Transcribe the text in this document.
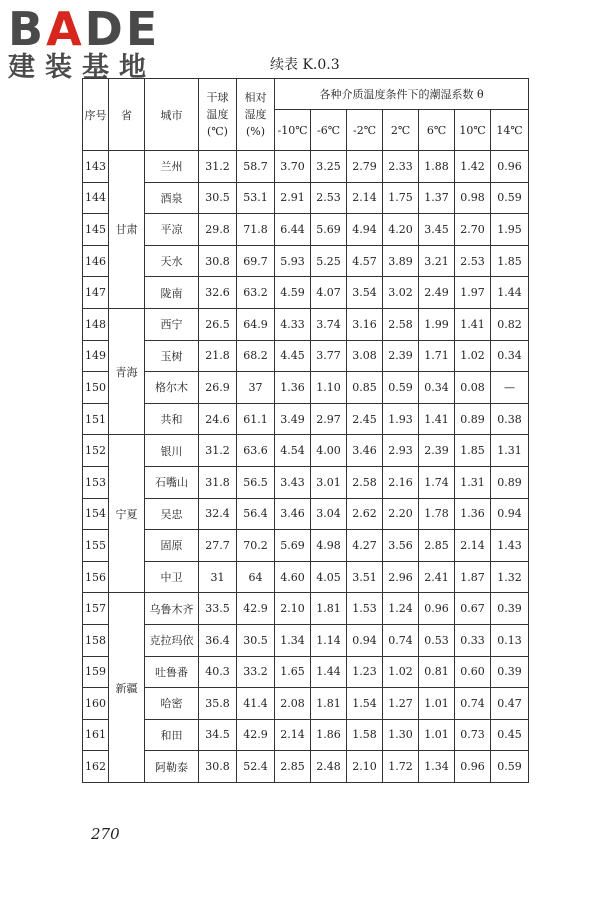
BADE
建装基地	续表 K.0.3
序号	省	城市	干球
温度
(℃)	相对
湿度
(%)	各种介质温度条件下的潮湿系数 θ						
					-10℃	-6℃	-2℃	2℃	6℃	10℃	14℃
143	甘肃	兰州	31.2	58.7	3.70	3.25	2.79	2.33	1.88	1.42	0.96
144		酒泉	30.5	53.1	2.91	2.53	2.14	1.75	1.37	0.98	0.59
145		平凉	29.8	71.8	6.44	5.69	4.94	4.20	3.45	2.70	1.95
146		天水	30.8	69.7	5.93	5.25	4.57	3.89	3.21	2.53	1.85
147		陇南	32.6	63.2	4.59	4.07	3.54	3.02	2.49	1.97	1.44
148	青海	西宁	26.5	64.9	4.33	3.74	3.16	2.58	1.99	1.41	0.82
149		玉树	21.8	68.2	4.45	3.77	3.08	2.39	1.71	1.02	0.34
150		格尔木	26.9	37	1.36	1.10	0.85	0.59	0.34	0.08	—
151		共和	24.6	61.1	3.49	2.97	2.45	1.93	1.41	0.89	0.38
152	宁夏	银川	31.2	63.6	4.54	4.00	3.46	2.93	2.39	1.85	1.31
153		石嘴山	31.8	56.5	3.43	3.01	2.58	2.16	1.74	1.31	0.89
154		吴忠	32.4	56.4	3.46	3.04	2.62	2.20	1.78	1.36	0.94
155		固原	27.7	70.2	5.69	4.98	4.27	3.56	2.85	2.14	1.43
156		中卫	31	64	4.60	4.05	3.51	2.96	2.41	1.87	1.32
157	新疆	乌鲁木齐	33.5	42.9	2.10	1.81	1.53	1.24	0.96	0.67	0.39
158		克拉玛依	36.4	30.5	1.34	1.14	0.94	0.74	0.53	0.33	0.13
159		吐鲁番	40.3	33.2	1.65	1.44	1.23	1.02	0.81	0.60	0.39
160		哈密	35.8	41.4	2.08	1.81	1.54	1.27	1.01	0.74	0.47
161		和田	34.5	42.9	2.14	1.86	1.58	1.30	1.01	0.73	0.45
162		阿勒泰	30.8	52.4	2.85	2.48	2.10	1.72	1.34	0.96	0.59
270
